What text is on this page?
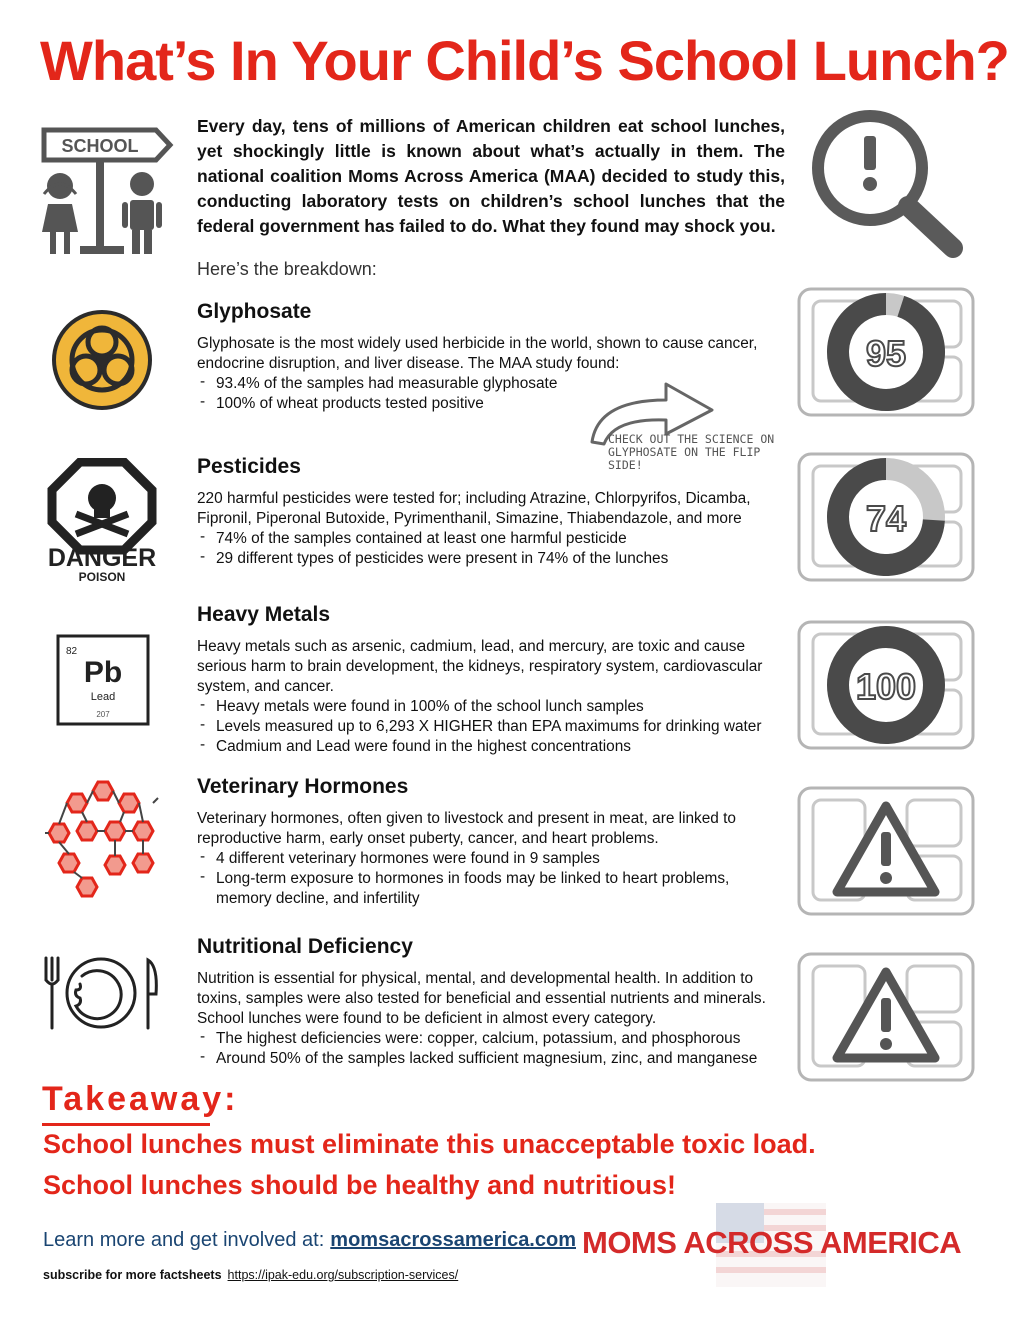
What’s In Your Child’s School Lunch?
SCHOOL

Every day, tens of millions of American children eat school lunches, yet shockingly little is known about what’s actually in them. The national coalition Moms Across America (MAA) decided to study this, conducting laboratory tests on children’s school lunches that the federal government has failed to do. What they found may shock you.

Here’s the breakdown:

DANGER
POISON
82
Pb
Lead
207
Glyphosate

Glyphosate is the most widely used herbicide in the world, shown to cause cancer, endocrine disruption, and liver disease. The MAA study found:

- 93.4% of the samples had measurable glyphosate
- 100% of wheat products tested positive
Pesticides

220 harmful pesticides were tested for; including Atrazine, Chlorpyrifos, Dicamba, Fipronil, Piperonal Butoxide, Pyrimenthanil, Simazine, Thiabendazole, and more

- 74% of the samples contained at least one harmful pesticide
- 29 different types of pesticides were present in 74% of the lunches
Heavy Metals

Heavy metals such as arsenic, cadmium, lead, and mercury, are toxic and cause serious harm to brain development, the kidneys, respiratory system, cardiovascular system, and cancer.

- Heavy metals were found in 100% of the school lunch samples
- Levels measured up to 6,293 X HIGHER than EPA maximums for drinking water
- Cadmium and Lead were found in the highest concentrations
Veterinary Hormones

Veterinary hormones, often given to livestock and present in meat, are linked to reproductive harm, early onset puberty, cancer, and heart problems.

- 4 different veterinary hormones were found in 9 samples
- Long-term exposure to hormones in foods may be linked to heart problems, memory decline, and infertility
Nutritional Deficiency

Nutrition is essential for physical, mental, and developmental health. In addition to toxins, samples were also tested for beneficial and essential nutrients and minerals. School lunches were found to be deficient in almost every category.

- The highest deficiencies were: copper, calcium, potassium, and phosphorous
- Around 50% of the samples lacked sufficient magnesium, zinc, and manganese
CHECK OUT THE SCIENCE ON GLYPHOSATE ON THE FLIP SIDE!
95
74
100
Takeaway:

School lunches must eliminate this unacceptable toxic load.

School lunches should be healthy and nutritious!

Learn more and get involved at: momsacrossamerica.com
subscribe for more factsheets https://ipak-edu.org/subscription-services/
MOMS ACROSS AMERICA
